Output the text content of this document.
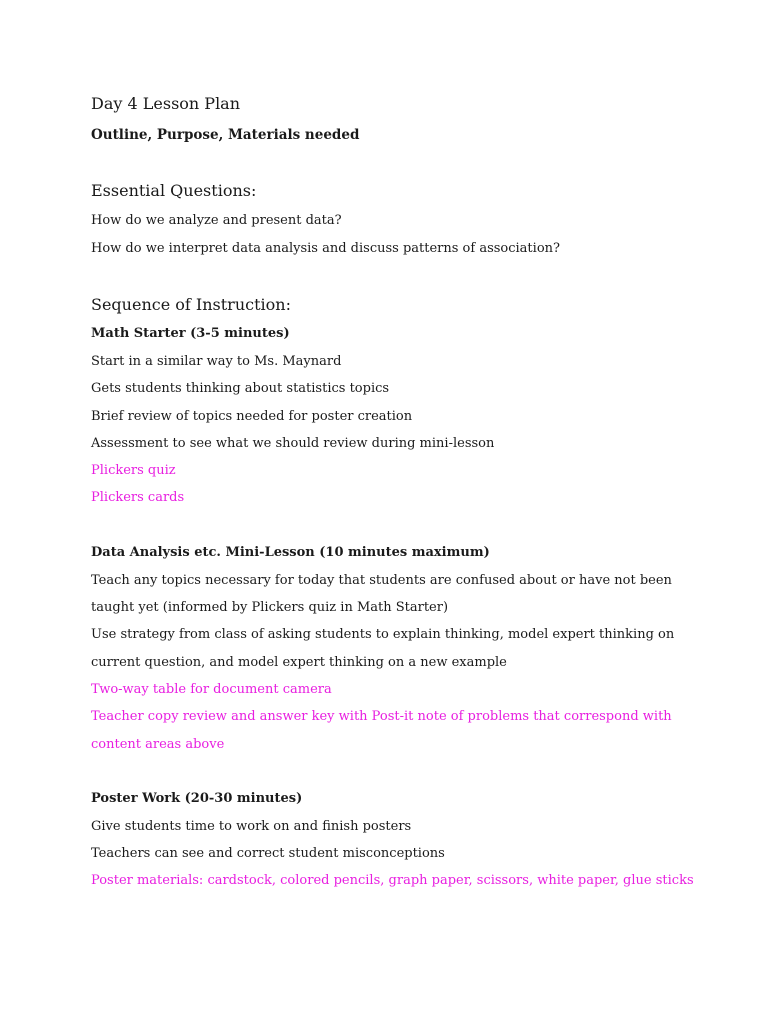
Day 4 Lesson Plan
Outline, Purpose, Materials needed
Essential Questions:
How do we analyze and present data?
How do we interpret data analysis and discuss patterns of association?
Sequence of Instruction:
Math Starter (3-5 minutes)
Start in a similar way to Ms. Maynard
Gets students thinking about statistics topics
Brief review of topics needed for poster creation
Assessment to see what we should review during mini-lesson
Plickers quiz
Plickers cards
Data Analysis etc. Mini-Lesson (10 minutes maximum)
Teach any topics necessary for today that students are confused about or have not been
taught yet (informed by Plickers quiz in Math Starter)
Use strategy from class of asking students to explain thinking, model expert thinking on
current question, and model expert thinking on a new example
Two-way table for document camera
Teacher copy review and answer key with Post-it note of problems that correspond with
content areas above
Poster Work (20-30 minutes)
Give students time to work on and finish posters
Teachers can see and correct student misconceptions
Poster materials: cardstock, colored pencils, graph paper, scissors, white paper, glue sticks
